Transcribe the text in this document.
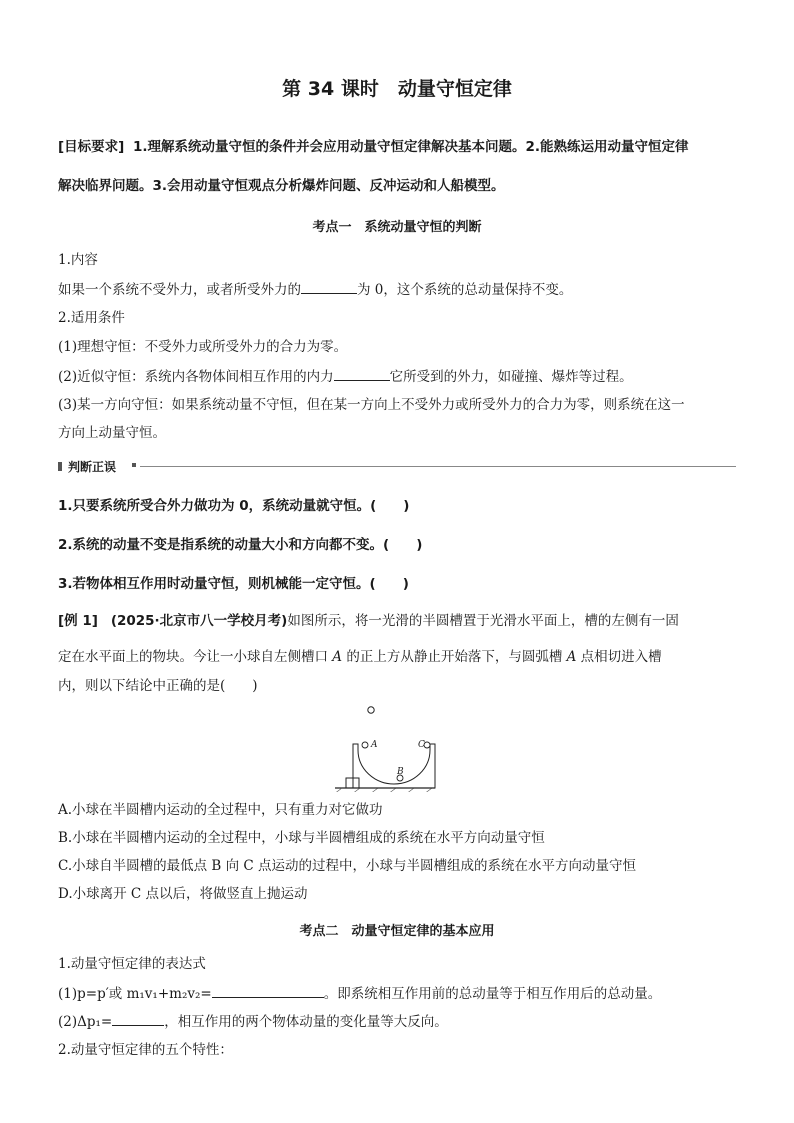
第 34 课时　动量守恒定律
[目标要求] 1.理解系统动量守恒的条件并会应用动量守恒定律解决基本问题。2.能熟练运用动量守恒定律
解决临界问题。3.会用动量守恒观点分析爆炸问题、反冲运动和人船模型。
考点一　系统动量守恒的判断
1.内容
如果一个系统不受外力，或者所受外力的	为 0，这个系统的总动量保持不变。
2.适用条件
(1)理想守恒：不受外力或所受外力的合力为零。
(2)近似守恒：系统内各物体间相互作用的内力	它所受到的外力，如碰撞、爆炸等过程。
(3)某一方向守恒：如果系统动量不守恒，但在某一方向上不受外力或所受外力的合力为零，则系统在这一
方向上动量守恒。
判断正误
1.只要系统所受合外力做功为 0，系统动量就守恒。(　　)
2.系统的动量不变是指系统的动量大小和方向都不变。(　　)
3.若物体相互作用时动量守恒，则机械能一定守恒。(　　)
[例 1] (2025·北京市八一学校月考)如图所示，将一光滑的半圆槽置于光滑水平面上，槽的左侧有一固
定在水平面上的物块。今让一小球自左侧槽口 A 的正上方从静止开始落下，与圆弧槽 A 点相切进入槽
内，则以下结论中正确的是(　　)
A
B
C
A.小球在半圆槽内运动的全过程中，只有重力对它做功
B.小球在半圆槽内运动的全过程中，小球与半圆槽组成的系统在水平方向动量守恒
C.小球自半圆槽的最低点 B 向 C 点运动的过程中，小球与半圆槽组成的系统在水平方向动量守恒
D.小球离开 C 点以后，将做竖直上抛运动
考点二　动量守恒定律的基本应用
1.动量守恒定律的表达式
(1)p=p′或 m₁v₁+m₂v₂=	。即系统相互作用前的总动量等于相互作用后的总动量。
(2)Δp₁=	，相互作用的两个物体动量的变化量等大反向。
2.动量守恒定律的五个特性：
